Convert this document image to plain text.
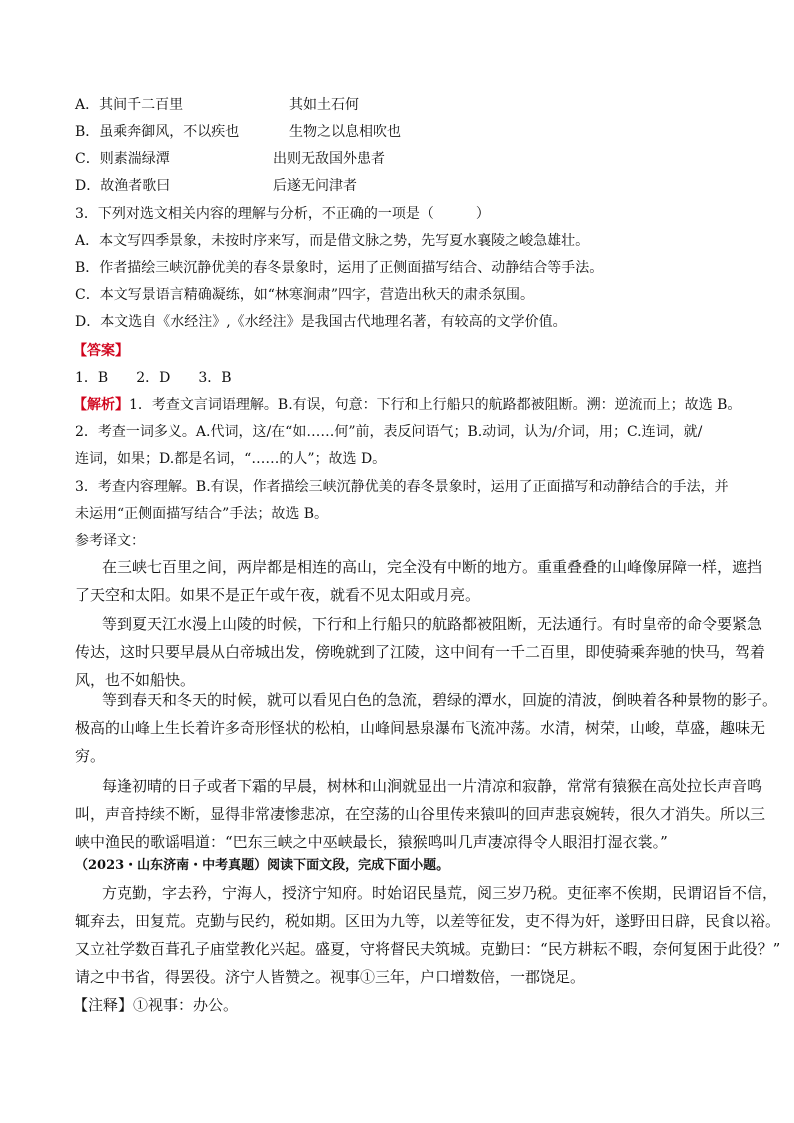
A．其间千二百里	其如土石何
B．虽乘奔御风，不以疾也	生物之以息相吹也
C．则素湍绿潭	出则无敌国外患者
D．故渔者歌曰	后遂无问津者
3．下列对选文相关内容的理解与分析，不正确的一项是（　　　）
A．本文写四季景象，未按时序来写，而是借文脉之势，先写夏水襄陵之峻急雄壮。
B．作者描绘三峡沉静优美的春冬景象时，运用了正侧面描写结合、动静结合等手法。
C．本文写景语言精确凝练，如“林寒涧肃”四字，营造出秋天的肃杀氛围。
D．本文选自《水经注》,《水经注》是我国古代地理名著，有较高的文学价值。
【答案】
1．B　　2．D　　3．B
【解析】1．考查文言词语理解。B.有误，句意：下行和上行船只的航路都被阻断。溯：逆流而上；故选 B。
2．考查一词多义。A.代词，这/在“如……何”前，表反问语气；B.动词，认为/介词，用；C.连词，就/
连词，如果；D.都是名词，“……的人”；故选 D。
3．考查内容理解。B.有误，作者描绘三峡沉静优美的春冬景象时，运用了正面描写和动静结合的手法，并
未运用“正侧面描写结合”手法；故选 B。
参考译文：
在三峡七百里之间，两岸都是相连的高山，完全没有中断的地方。重重叠叠的山峰像屏障一样，遮挡
了天空和太阳。如果不是正午或午夜，就看不见太阳或月亮。
等到夏天江水漫上山陵的时候，下行和上行船只的航路都被阻断，无法通行。有时皇帝的命令要紧急
传达，这时只要早晨从白帝城出发，傍晚就到了江陵，这中间有一千二百里，即使骑乘奔驰的快马，驾着
风，也不如船快。
等到春天和冬天的时候，就可以看见白色的急流，碧绿的潭水，回旋的清波，倒映着各种景物的影子。
极高的山峰上生长着许多奇形怪状的松柏，山峰间悬泉瀑布飞流冲荡。水清，树荣，山峻，草盛，趣味无
穷。
每逢初晴的日子或者下霜的早晨，树林和山涧就显出一片清凉和寂静，常常有猿猴在高处拉长声音鸣
叫，声音持续不断，显得非常凄惨悲凉，在空荡的山谷里传来猿叫的回声悲哀婉转，很久才消失。所以三
峡中渔民的歌谣唱道：“巴东三峡之中巫峡最长，猿猴鸣叫几声凄凉得令人眼泪打湿衣裳。”
（2023・山东济南・中考真题）阅读下面文段，完成下面小题。
方克勤，字去矜，宁海人，授济宁知府。时始诏民垦荒，阅三岁乃税。吏征率不俟期，民谓诏旨不信，
辄弃去，田复荒。克勤与民约，税如期。区田为九等，以差等征发，吏不得为奸，遂野田日辟，民食以裕。
又立社学数百葺孔子庙堂教化兴起。盛夏，守将督民夫筑城。克勤曰：“民方耕耘不暇，奈何复困于此役？”
请之中书省，得罢役。济宁人皆赞之。视事①三年，户口增数倍，一郡饶足。
【注释】①视事：办公。
